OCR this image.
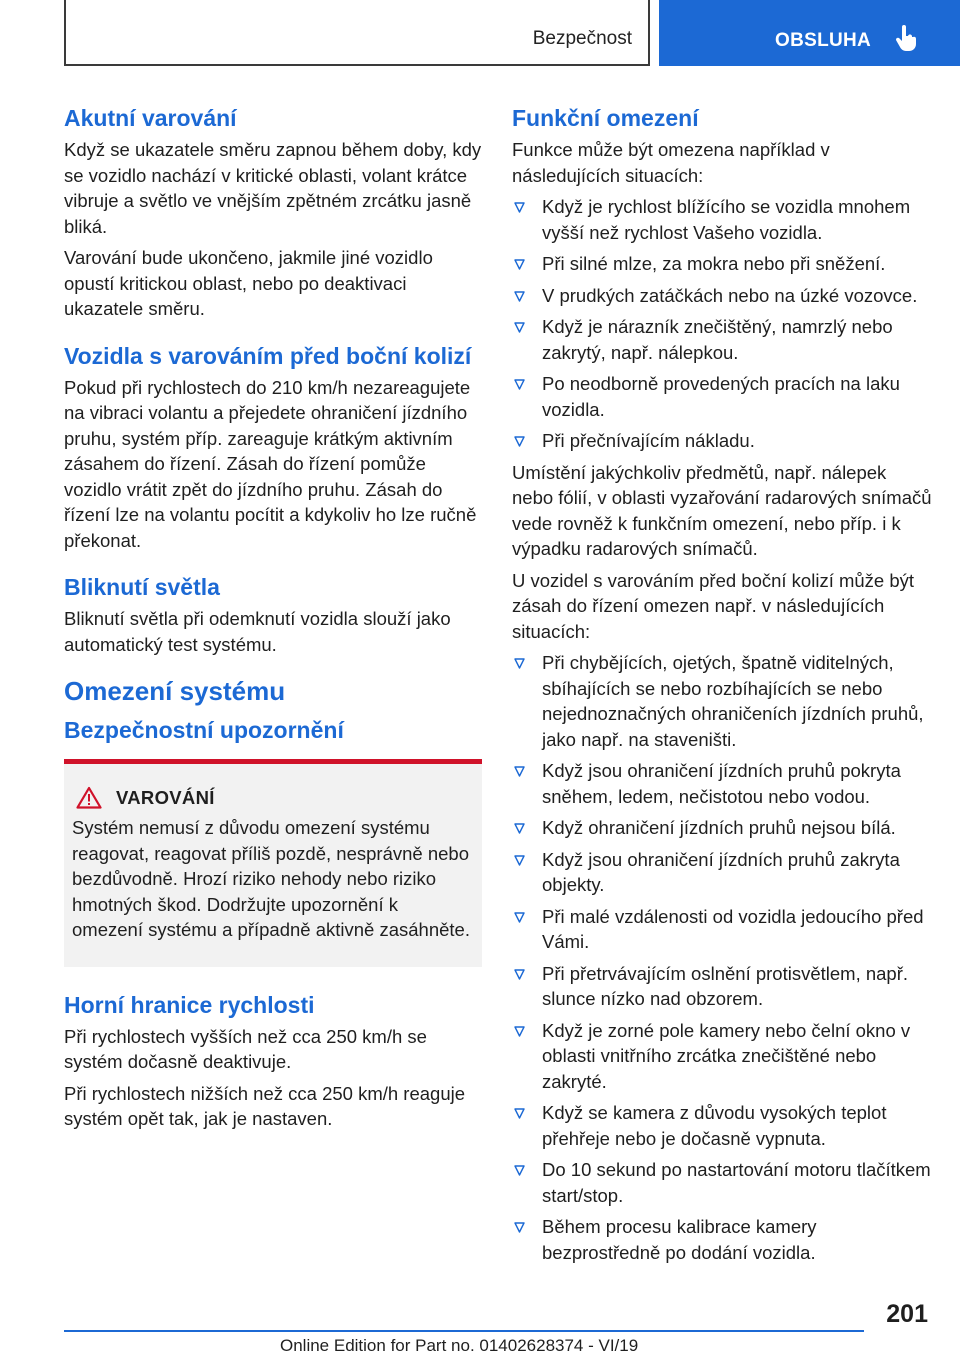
Bezpečnost	OBSLUHA
Akutní varování

Když se ukazatele směru zapnou během doby, kdy se vozidlo nachází v kritické oblasti, volant krátce vibruje a světlo ve vnějším zpětném zrcátku jasně bliká.

Varování bude ukončeno, jakmile jiné vozidlo opustí kritickou oblast, nebo po deaktivaci ukazatele směru.

Vozidla s varováním před boční kolizí

Pokud při rychlostech do 210 km/h nezareagujete na vibraci volantu a přejedete ohraničení jízdního pruhu, systém příp. zareaguje krátkým aktivním zásahem do řízení. Zásah do řízení pomůže vozidlo vrátit zpět do jízdního pruhu. Zásah do řízení lze na volantu pocítit a kdykoliv ho lze ručně překonat.

Bliknutí světla

Bliknutí světla při odemknutí vozidla slouží jako automatický test systému.

Omezení systému
Bezpečnostní upozornění
VAROVÁNÍ

Systém nemusí z důvodu omezení systému reagovat, reagovat příliš pozdě, nesprávně nebo bezdůvodně. Hrozí riziko nehody nebo riziko hmotných škod. Dodržujte upozornění k omezení systému a případně aktivně zasáhněte.

Horní hranice rychlosti

Při rychlostech vyšších než cca 250 km/h se systém dočasně deaktivuje.

Při rychlostech nižších než cca 250 km/h reaguje systém opět tak, jak je nastaven.

Funkční omezení

Funkce může být omezena například v následujících situacích:

Když je rychlost blížícího se vozidla mnohem vyšší než rychlost Vašeho vozidla.
Při silné mlze, za mokra nebo při sněžení.
V prudkých zatáčkách nebo na úzké vozovce.
Když je nárazník znečištěný, namrzlý nebo zakrytý, např. nálepkou.
Po neodborně provedených pracích na laku vozidla.
Při přečnívajícím nákladu.

Umístění jakýchkoliv předmětů, např. nálepek nebo fólií, v oblasti vyzařování radarových snímačů vede rovněž k funkčním omezení, nebo příp. i k výpadku radarových snímačů.

U vozidel s varováním před boční kolizí může být zásah do řízení omezen např. v následujících situacích:

Při chybějících, ojetých, špatně viditelných, sbíhajících se nebo rozbíhajících se nebo nejednoznačných ohraničeních jízdních pruhů, jako např. na staveništi.
Když jsou ohraničení jízdních pruhů pokryta sněhem, ledem, nečistotou nebo vodou.
Když ohraničení jízdních pruhů nejsou bílá.
Když jsou ohraničení jízdních pruhů zakryta objekty.
Při malé vzdálenosti od vozidla jedoucího před Vámi.
Při přetrvávajícím oslnění protisvětlem, např. slunce nízko nad obzorem.
Když je zorné pole kamery nebo čelní okno v oblasti vnitřního zrcátka znečištěné nebo zakryté.
Když se kamera z důvodu vysokých teplot přehřeje nebo je dočasně vypnuta.
Do 10 sekund po nastartování motoru tlačítkem start/stop.
Během procesu kalibrace kamery bezprostředně po dodání vozidla.
201
Online Edition for Part no. 01402628374 - VI/19
